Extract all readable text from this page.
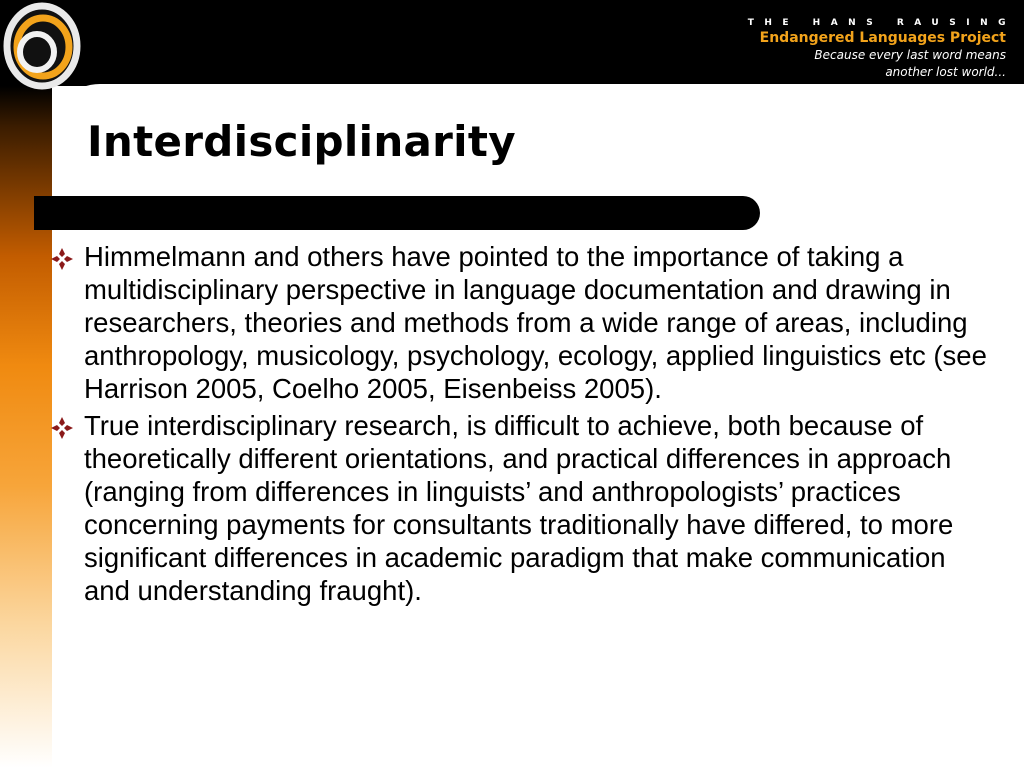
THE HANS RAUSING
Endangered Languages Project
Because every last word means
another lost world...
Interdisciplinarity
Himmelmann and others have pointed to the importance of taking a multidisciplinary perspective in language documentation and drawing in researchers, theories and methods from a wide range of areas, including anthropology, musicology, psychology, ecology, applied linguistics etc (see Harrison 2005, Coelho 2005, Eisenbeiss 2005).
True interdisciplinary research, is difficult to achieve, both because of theoretically different orientations, and practical differences in approach (ranging from differences in linguists’ and anthropologists’ practices concerning payments for consultants traditionally have differed, to more significant differences in academic paradigm that make communication and understanding fraught).
